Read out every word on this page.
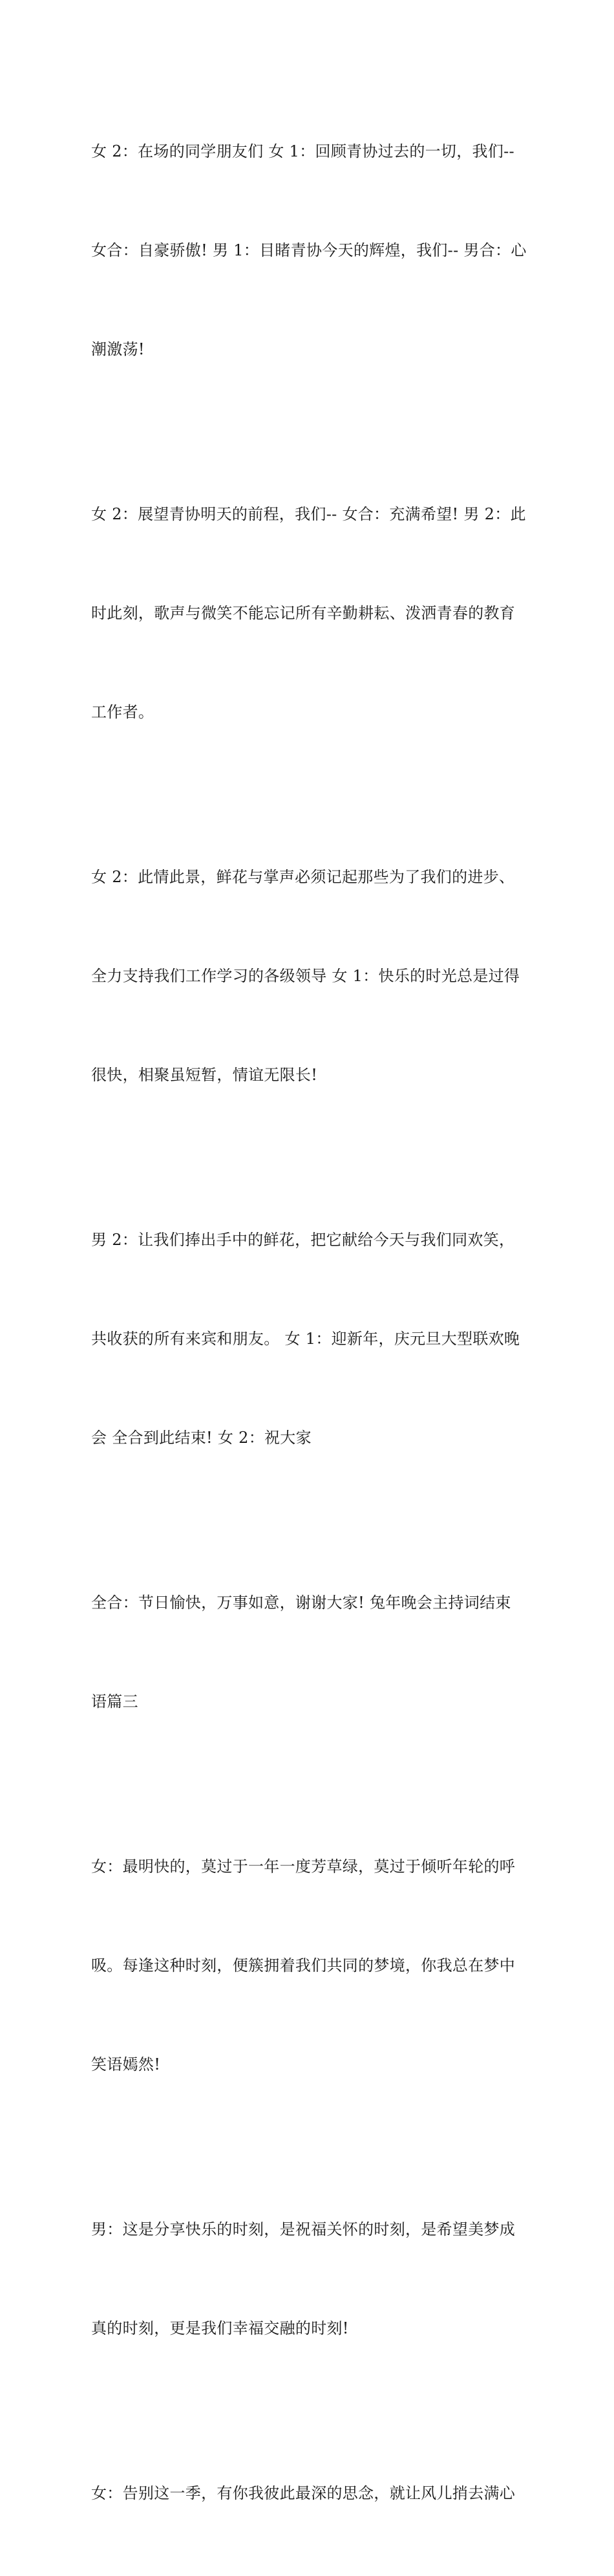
女 2：在场的同学朋友们 女 1：回顾青协过去的一切，我们--

女合：自豪骄傲! 男 1：目睹青协今天的辉煌，我们-- 男合：心

潮激荡!

女 2：展望青协明天的前程，我们-- 女合：充满希望! 男 2：此

时此刻，歌声与微笑不能忘记所有辛勤耕耘、泼洒青春的教育

工作者。

女 2：此情此景，鲜花与掌声必须记起那些为了我们的进步、

全力支持我们工作学习的各级领导 女 1：快乐的时光总是过得

很快，相聚虽短暂，情谊无限长!

男 2：让我们捧出手中的鲜花，把它献给今天与我们同欢笑，

共收获的所有来宾和朋友。 女 1：迎新年，庆元旦大型联欢晚

会 全合到此结束! 女 2：祝大家

全合：节日愉快，万事如意，谢谢大家! 兔年晚会主持词结束

语篇三

女：最明快的，莫过于一年一度芳草绿，莫过于倾听年轮的呼

吸。每逢这种时刻，便簇拥着我们共同的梦境，你我总在梦中

笑语嫣然!

男：这是分享快乐的时刻，是祝福关怀的时刻，是希望美梦成

真的时刻，更是我们幸福交融的时刻!

女：告别这一季，有你我彼此最深的思念，就让风儿捎去满心
